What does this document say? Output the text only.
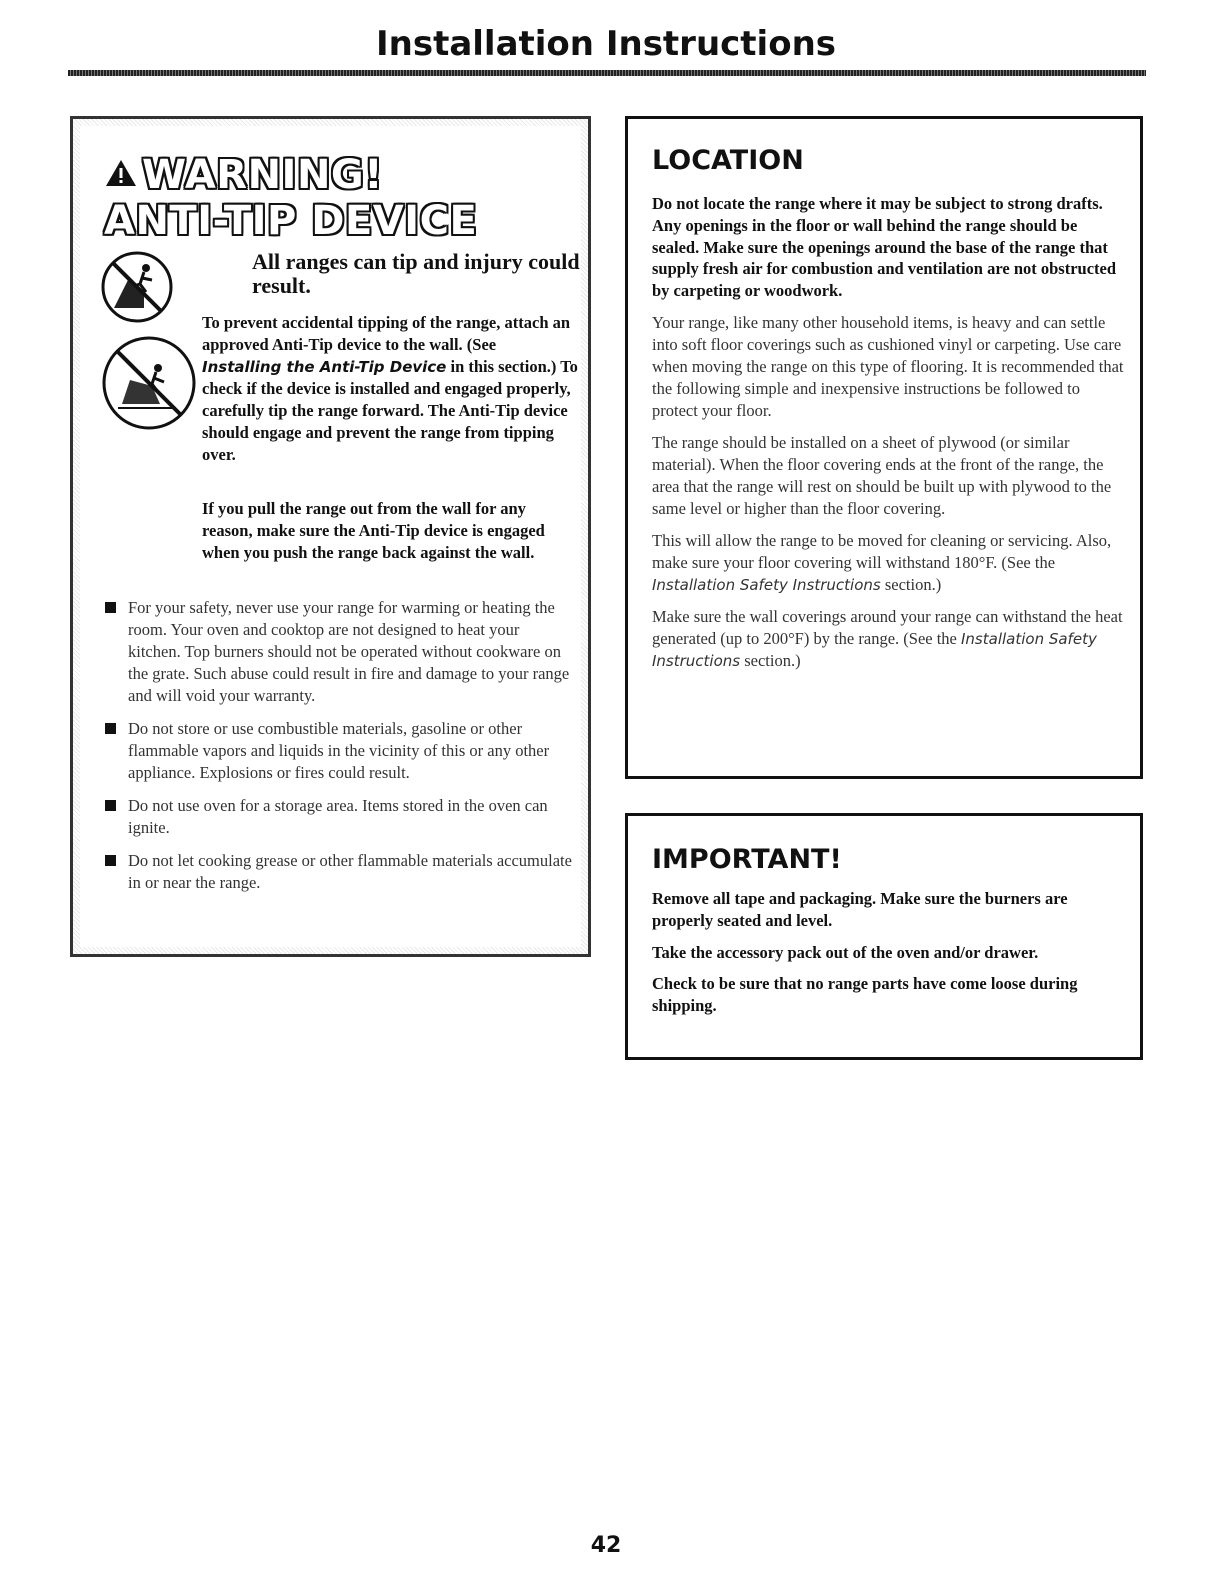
Installation Instructions
WARNING!
ANTI-TIP DEVICE
All ranges can tip and injury could result.
To prevent accidental tipping of the range, attach an approved Anti-Tip device to the wall. (See Installing the Anti-Tip Device in this section.) To check if the device is installed and engaged properly, carefully tip the range forward. The Anti-Tip device should engage and prevent the range from tipping over.
If you pull the range out from the wall for any reason, make sure the Anti-Tip device is engaged when you push the range back against the wall.
For your safety, never use your range for warming or heating the room. Your oven and cooktop are not designed to heat your kitchen. Top burners should not be operated without cookware on the grate. Such abuse could result in fire and damage to your range and will void your warranty.
Do not store or use combustible materials, gasoline or other flammable vapors and liquids in the vicinity of this or any other appliance. Explosions or fires could result.
Do not use oven for a storage area. Items stored in the oven can ignite.
Do not let cooking grease or other flammable materials accumulate in or near the range.
LOCATION

Do not locate the range where it may be subject to strong drafts. Any openings in the floor or wall behind the range should be sealed. Make sure the openings around the base of the range that supply fresh air for combustion and ventilation are not obstructed by carpeting or woodwork.

Your range, like many other household items, is heavy and can settle into soft floor coverings such as cushioned vinyl or carpeting. Use care when moving the range on this type of flooring. It is recommended that the following simple and inexpensive instructions be followed to protect your floor.

The range should be installed on a sheet of plywood (or similar material). When the floor covering ends at the front of the range, the area that the range will rest on should be built up with plywood to the same level or higher than the floor covering.

This will allow the range to be moved for cleaning or servicing. Also, make sure your floor covering will withstand 180°F. (See the Installation Safety Instructions section.)

Make sure the wall coverings around your range can withstand the heat generated (up to 200°F) by the range. (See the Installation Safety Instructions section.)

IMPORTANT!

Remove all tape and packaging. Make sure the burners are properly seated and level.

Take the accessory pack out of the oven and/or drawer.

Check to be sure that no range parts have come loose during shipping.

42
